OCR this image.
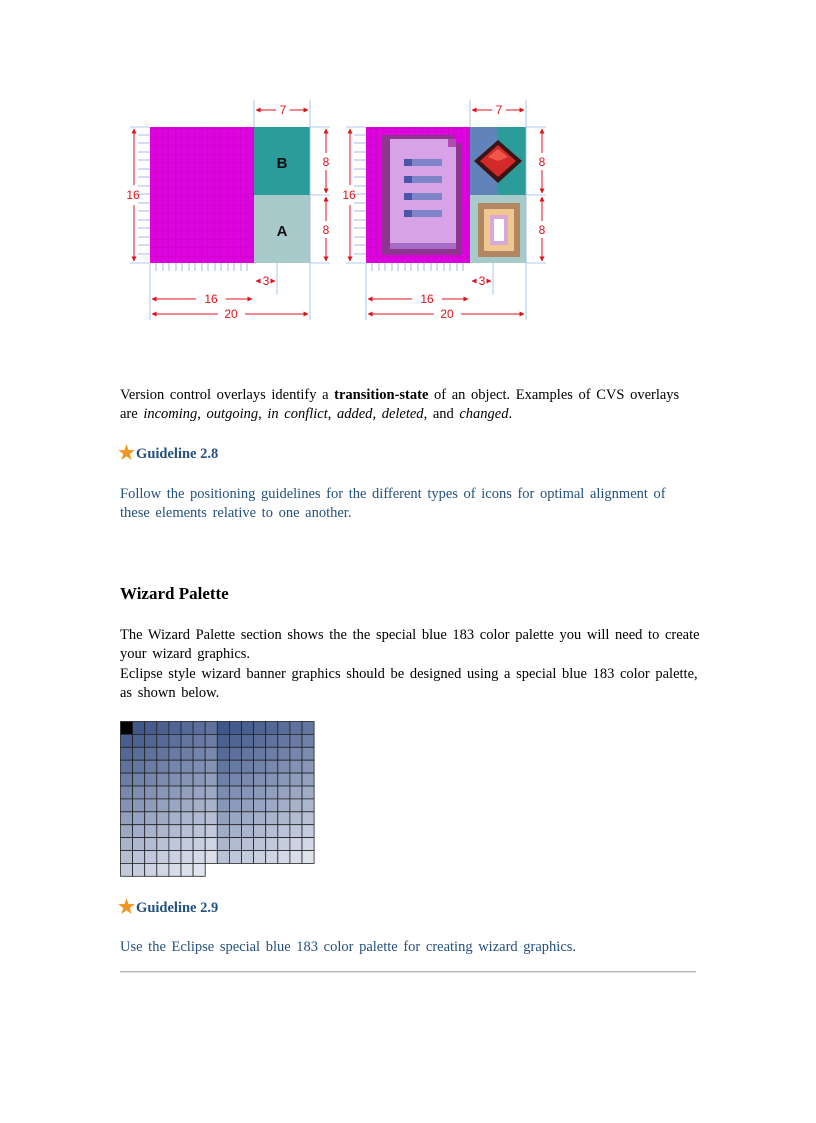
B
A
7
16
8
8
3
16
20
7
16
8
8
3
16
20

Version control overlays identify a transition-state of an object. Examples of CVS overlays are incoming, outgoing, in conflict, added, deleted, and changed.

★Guideline 2.8

Follow the positioning guidelines for the different types of icons for optimal alignment of these elements relative to one another.

Wizard Palette

The Wizard Palette section shows the the special blue 183 color palette you will need to create your wizard graphics.

Eclipse style wizard banner graphics should be designed using a special blue 183 color palette, as shown below.

★Guideline 2.9

Use the Eclipse special blue 183 color palette for creating wizard graphics.
